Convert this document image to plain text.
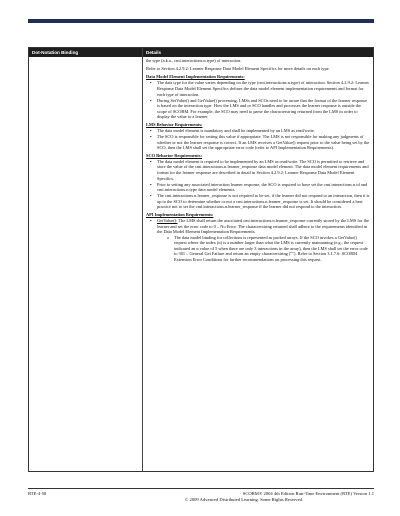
Dot-Notation Binding	Details

the type (a.k.a., cmi.interactions.n.type) of interaction.

Refer to Section 4.2.9.2: Learner Response Data Model Element Specifics for more details on each type.

Data Model Element Implementation Requirements:
• The data type for the value varies depending on the type (cmi.interactions.n.type) of interaction. Section 4.2.9.2: Learner Response Data Model Element Specifics defines the data model element implementation requirements and format for each type of interaction.
• During SetValue() and GetValue() processing, LMSs and SCOs need to be aware that the format of the learner response is based on the interaction type. How the LMS and or SCO handles and processes the learner response is outside the scope of SCORM. For example, the SCO may need to parse the characterstring returned from the LMS in order to display the value to a learner.
LMS Behavior Requirements:
• The data model element is mandatory and shall be implemented by an LMS as read/write.
• The SCO is responsible for setting this value if appropriate. The LMS is not responsible for making any judgments of whether or not the learner response is correct. If an LMS receives a GetValue() request prior to the value being set by the SCO, then the LMS shall set the appropriate error code (refer to API Implementation Requirements).
SCO Behavior Requirements:
• The data model element is required to be implemented by an LMS as read/write. The SCO is permitted to retrieve and store the value of the cmi.interactions.n.learner_response data model element. The data model element requirements and format for the learner response are described in detail in Section 4.2.9.2: Learner Response Data Model Element Specifics.
• Prior to setting any associated interaction learner response, the SCO is required to have set the cmi.interactions.n.id and cmi.interactions.n.type data model elements.
• The cmi.interactions.n.learner_response is not required to be set, if the learner did not respond to an interaction, then it is up to the SCO to determine whether or not a cmi.interactions.n.learner_response is set. It should be considered a best practice not to set the cmi.interactions.n.learner_response if the learner did not respond to the interaction.
API Implementation Requirements:
• GetValue(): The LMS shall return the associated cmi.interactions.n.learner_response currently stored by the LMS for the learner and set the error code to 0 – No Error. The characterstring returned shall adhere to the requirements identified in the Data Model Element Implementation Requirements.
o The data model binding for collections is represented as packed arrays. If the SCO invokes a GetValue() request where the index (n) is a number larger than what the LMS is currently maintaining (e.g., the request indicated an n value of 5 when there are only 3 interactions in the array), then the LMS shall set the error code to 301 – General Get Failure and return an empty characterstring (""). Refer to Section 3.1.7.6: SCORM Extension Error Conditions for further recommendations on processing this request.
RTE-4-58	SCORM® 2004 4th Edition Run-Time Environment (RTE) Version 1.1
© 2009 Advanced Distributed Learning. Some Rights Reserved.
